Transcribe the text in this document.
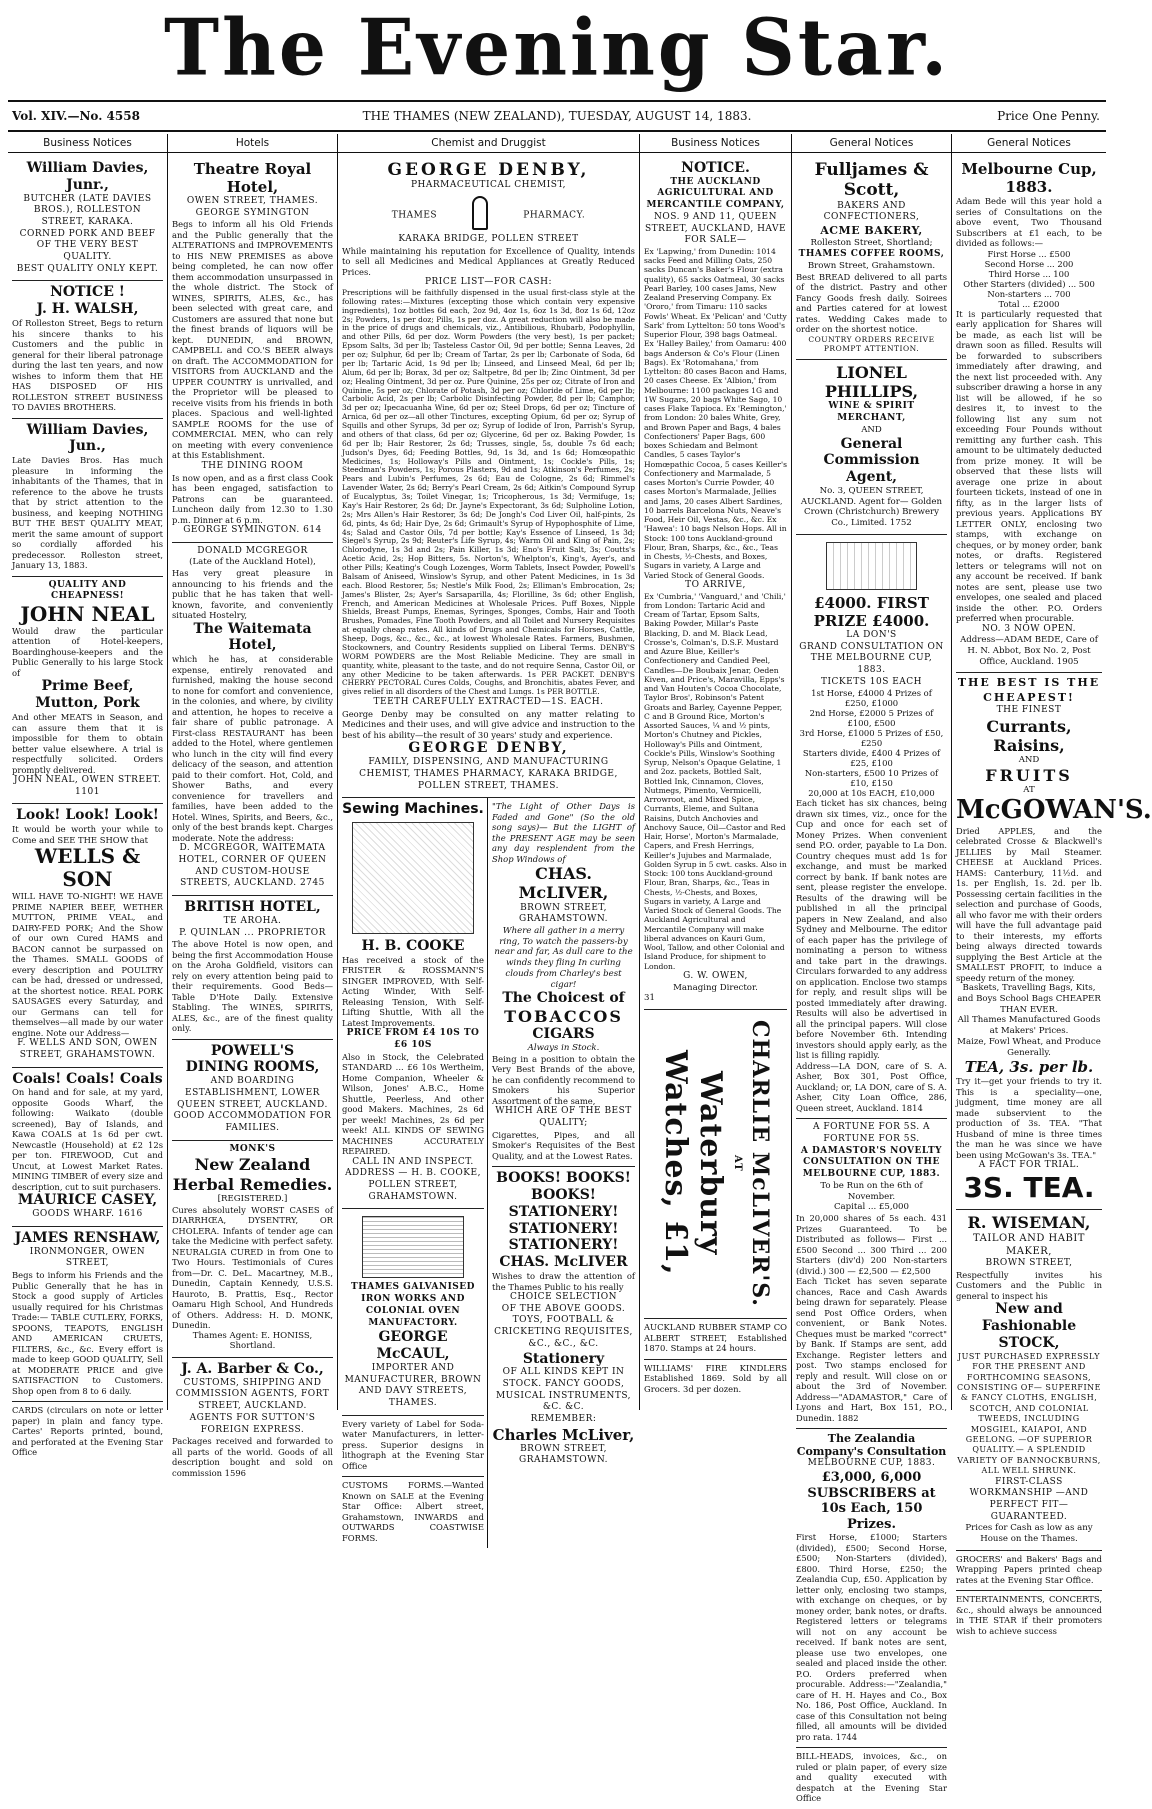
The Evening Star.
Vol. XIV.—No. 4558	THE THAMES (NEW ZEALAND), TUESDAY, AUGUST 14, 1883.	Price One Penny.
Business Notices
William Davies, Junr.,
BUTCHER (LATE DAVIES BROS.), ROLLESTON STREET, KARAKA.
CORNED PORK AND BEEF OF THE VERY BEST QUALITY.
BEST QUALITY ONLY KEPT.
NOTICE !
J. H. WALSH,
Of Rolleston Street, Begs to return his sincere thanks to his Customers and the public in general for their liberal patronage during the last ten years, and now wishes to inform them that HE HAS DISPOSED OF HIS ROLLESTON STREET BUSINESS TO DAVIES BROTHERS.
William Davies, Jun.,
Late Davies Bros. Has much pleasure in informing the inhabitants of the Thames, that in reference to the above he trusts that by strict attention to the business, and keeping NOTHING BUT THE BEST QUALITY MEAT, merit the same amount of support so cordially afforded his predecessor. Rolleston street, January 13, 1883.
QUALITY AND CHEAPNESS!
JOHN NEAL
Would draw the particular attention of Hotel-keepers, Boardinghouse-keepers and the Public Generally to his large Stock of
Prime Beef, Mutton, Pork
And other MEATS in Season, and can assure them that it is impossible for them to obtain better value elsewhere. A trial is respectfully solicited. Orders promptly delivered.
JOHN NEAL, OWEN STREET. 1101
Look! Look! Look!
It would be worth your while to Come and SEE THE SHOW that
WELLS & SON
WILL HAVE TO-NIGHT! WE HAVE PRIME NAPIER BEEF, WETHER MUTTON, PRIME VEAL, and DAIRY-FED PORK; And the Show of our own Cured HAMS and BACON cannot be surpassed on the Thames. SMALL GOODS of every description and POULTRY can be had, dressed or undressed, at the shortest notice. REAL PORK SAUSAGES every Saturday, and our Germans can tell for themselves—all made by our water engine. Note our Address—
F. WELLS AND SON, OWEN STREET, GRAHAMSTOWN.
Coals! Coals! Coals
On hand and for sale, at my yard, opposite Goods Wharf, the following: Waikato (double screened), Bay of Islands, and Kawa COALS at 1s 6d per cwt. Newcastle (Household) at £2 12s per ton. FIREWOOD, Cut and Uncut, at Lowest Market Rates. MINING TIMBER of every size and description, cut to suit purchasers.
MAURICE CASEY,
GOODS WHARF. 1616
JAMES RENSHAW,
IRONMONGER, OWEN STREET,
Begs to inform his Friends and the Public Generally that he has in Stock a good supply of Articles usually required for his Christmas Trade:— TABLE CUTLERY, FORKS, SPOONS, TEAPOTS, ENGLISH AND AMERICAN CRUETS, FILTERS, &c., &c. Every effort is made to keep GOOD QUALITY, Sell at MODERATE PRICE and give SATISFACTION to Customers. Shop open from 8 to 6 daily.
CARDS (circulars on note or letter paper) in plain and fancy type. Cartes' Reports printed, bound, and perforated at the Evening Star Office
Hotels
Theatre Royal Hotel,
OWEN STREET, THAMES.
GEORGE SYMINGTON
Begs to inform all his Old Friends and the Public generally that the ALTERATIONS and IMPROVEMENTS to HIS NEW PREMISES as above being completed, he can now offer them accommodation unsurpassed in the whole district. The Stock of WINES, SPIRITS, ALES, &c., has been selected with great care, and Customers are assured that none but the finest brands of liquors will be kept. DUNEDIN, and BROWN, CAMPBELL and CO.'S BEER always on draft. The ACCOMMODATION for VISITORS from AUCKLAND and the UPPER COUNTRY is unrivalled, and the Proprietor will be pleased to receive visits from his friends in both places. Spacious and well-lighted SAMPLE ROOMS for the use of COMMERCIAL MEN, who can rely on meeting with every convenience at this Establishment.
THE DINING ROOM
Is now open, and as a first class Cook has been engaged, satisfaction to Patrons can be guaranteed. Luncheon daily from 12.30 to 1.30 p.m. Dinner at 6 p.m.
GEORGE SYMINGTON. 614
DONALD MCGREGOR
(Late of the Auckland Hotel),
Has very great pleasure in announcing to his friends and the public that he has taken that well-known, favorite, and conveniently situated Hostelry,
The Waitemata Hotel,
which he has, at considerable expense, entirely renovated and furnished, making the house second to none for comfort and convenience, in the colonies, and where, by civility and attention, he hopes to receive a fair share of public patronage. A First-class RESTAURANT has been added to the Hotel, where gentlemen who lunch in the city will find every delicacy of the season, and attention paid to their comfort. Hot, Cold, and Shower Baths, and every convenience for travellers and families, have been added to the Hotel. Wines, Spirits, and Beers, &c., only of the best brands kept. Charges moderate. Note the address:
D. MCGREGOR, WAITEMATA HOTEL, CORNER OF QUEEN AND CUSTOM-HOUSE STREETS, AUCKLAND. 2745
BRITISH HOTEL,
TE AROHA.
P. QUINLAN ... PROPRIETOR
The above Hotel is now open, and being the first Accommodation House on the Aroha Goldfield, visitors can rely on every attention being paid to their requirements. Good Beds—Table D'Hote Daily. Extensive Stabling. The WINES, SPIRITS, ALES, &c., are of the finest quality only.
POWELL'S
DINING ROOMS,
AND BOARDING ESTABLISHMENT, LOWER QUEEN STREET, AUCKLAND. GOOD ACCOMMODATION FOR FAMILIES.
MONK'S
New Zealand Herbal Remedies.
[REGISTERED.]
Cures absolutely WORST CASES of DIARRHŒA, DYSENTRY, OR CHOLERA. Infants of tender age can take the Medicine with perfect safety. NEURALGIA CURED in from One to Two Hours. Testimonials of Cures from—Dr. C. DeL. Macartney, M.B., Dunedin, Captain Kennedy, U.S.S. Hauroto, B. Prattis, Esq., Rector Oamaru High School, And Hundreds of Others. Address: H. D. MONK, Dunedin.
Thames Agent: E. HONISS, Shortland.
J. A. Barber & Co.,
CUSTOMS, SHIPPING AND COMMISSION AGENTS, FORT STREET, AUCKLAND.
AGENTS FOR SUTTON'S FOREIGN EXPRESS.
Packages received and forwarded to all parts of the world. Goods of all description bought and sold on commission 1596
Chemist and Druggist
GEORGE DENBY,
PHARMACEUTICAL CHEMIST,
THAMES	PHARMACY.
KARAKA BRIDGE, POLLEN STREET
While maintaining his reputation for Excellence of Quality, intends to sell all Medicines and Medical Appliances at Greatly Reduced Prices.
PRICE LIST—FOR CASH:
Prescriptions will be faithfully dispensed in the usual first-class style at the following rates:—Mixtures (excepting those which contain very expensive ingredients), 1oz bottles 6d each, 2oz 9d, 4oz 1s, 6oz 1s 3d, 8oz 1s 6d, 12oz 2s; Powders, 1s per doz; Pills, 1s per doz. A great reduction will also be made in the price of drugs and chemicals, viz., Antibilious, Rhubarb, Podophyllin, and other Pills, 6d per doz. Worm Powders (the very best), 1s per packet; Epsom Salts, 3d per lb; Tasteless Castor Oil, 9d per bottle; Senna Leaves, 2d per oz; Sulphur, 6d per lb; Cream of Tartar, 2s per lb; Carbonate of Soda, 6d per lb; Tartaric Acid, 1s 9d per lb; Linseed, and Linseed Meal, 6d per lb; Alum, 6d per lb; Borax, 3d per oz; Saltpetre, 8d per lb; Zinc Ointment, 3d per oz; Healing Ointment, 3d per oz. Pure Quinine, 25s per oz; Citrate of Iron and Quinine, 5s per oz; Chlorate of Potash, 3d per oz; Chloride of Lime, 6d per lb; Carbolic Acid, 2s per lb; Carbolic Disinfecting Powder, 8d per lb; Camphor, 3d per oz; Ipecacuanha Wine, 6d per oz; Steel Drops, 6d per oz; Tincture of Arnica, 6d per oz—all other Tinctures, excepting Opium, 6d per oz; Syrup of Squills and other Syrups, 3d per oz; Syrup of Iodide of Iron, Parrish's Syrup, and others of that class, 6d per oz; Glycerine, 6d per oz. Baking Powder, 1s 6d per lb; Hair Restorer, 2s 6d; Trusses, single, 5s, double 7s 6d each; Judson's Dyes, 6d; Feeding Bottles, 9d, 1s 3d, and 1s 6d; Homœopathic Medicines, 1s; Holloway's Pills and Ointment, 1s; Cockle's Pills, 1s; Steedman's Powders, 1s; Porous Plasters, 9d and 1s; Atkinson's Perfumes, 2s; Pears and Lubin's Perfumes, 2s 6d; Eau de Cologne, 2s 6d; Rimmel's Lavender Water, 2s 6d; Berry's Pearl Cream, 2s 6d; Aitkin's Compound Syrup of Eucalyptus, 3s; Toilet Vinegar, 1s; Tricopherous, 1s 3d; Vermifuge, 1s; Kay's Hair Restorer, 2s 6d; Dr. Jayne's Expectorant, 3s 6d; Sulpholine Lotion, 2s; Mrs Allen's Hair Restorer, 3s 6d; De Jongh's Cod Liver Oil, half-pints, 2s 6d, pints, 4s 6d; Hair Dye, 2s 6d; Grimault's Syrup of Hypophosphite of Lime, 4s; Salad and Castor Oils, 7d per bottle; Kay's Essence of Linseed, 1s 3d; Siegel's Syrup, 2s 9d; Reuter's Life Syrup, 4s; Warm Oil and King of Pain, 2s; Chlorodyne, 1s 3d and 2s; Pain Killer, 1s 3d; Eno's Fruit Salt, 3s; Coutts's Acetic Acid, 2s; Hop Bitters, 5s. Norton's, Whelpton's, King's, Ayer's, and other Pills; Keating's Cough Lozenges, Worm Tablets, Insect Powder, Powell's Balsam of Aniseed, Winslow's Syrup, and other Patent Medicines, in 1s 3d each. Blood Restorer, 5s; Nestle's Milk Food, 2s; Elliman's Embrocation, 2s; James's Blister, 2s; Ayer's Sarsaparilla, 4s; Florilline, 3s 6d; other English, French, and American Medicines at Wholesale Prices. Puff Boxes, Nipple Shields, Breast Pumps, Enemas, Syringes, Sponges, Combs, Hair and Tooth Brushes, Pomades, Fine Tooth Powders, and all Toilet and Nursery Requisites at equally cheap rates. All kinds of Drugs and Chemicals for Horses, Cattle, Sheep, Dogs, &c., &c., &c., at lowest Wholesale Rates. Farmers, Bushmen, Stockowners, and Country Residents supplied on Liberal Terms. DENBY'S WORM POWDERS are the Most Reliable Medicine. They are small in quantity, white, pleasant to the taste, and do not require Senna, Castor Oil, or any other Medicine to be taken afterwards. 1s PER PACKET. DENBY'S CHERRY PECTORAL Cures Colds, Coughs, and Bronchitis, abates Fever, and gives relief in all disorders of the Chest and Lungs. 1s PER BOTTLE.
TEETH CAREFULLY EXTRACTED—1S. EACH.
George Denby may be consulted on any matter relating to Medicines and their uses, and will give advice and instruction to the best of his ability—the result of 30 years' study and experience.
GEORGE DENBY,
FAMILY, DISPENSING, AND MANUFACTURING CHEMIST, THAMES PHARMACY, KARAKA BRIDGE, POLLEN STREET, THAMES.
Sewing Machines.
H. B. COOKE
Has received a stock of the FRISTER & ROSSMANN'S SINGER IMPROVED, With Self-Acting Winder, With Self-Releasing Tension, With Self-Lifting Shuttle, With all the Latest Improvements.
PRICE FROM £4 10S TO £6 10S
Also in Stock, the Celebrated STANDARD ... £6 10s Wertheim, Home Companion, Wheeler & Wilson, Jones' A.B.C., Home Shuttle, Peerless, And other good Makers. Machines, 2s 6d per week! Machines, 2s 6d per week! ALL KINDS OF SEWING MACHINES ACCURATELY REPAIRED.
CALL IN AND INSPECT.
ADDRESS — H. B. COOKE, POLLEN STREET, GRAHAMSTOWN.
THAMES GALVANISED IRON WORKS AND COLONIAL OVEN MANUFACTORY.
GEORGE McCAUL,
IMPORTER AND MANUFACTURER, BROWN AND DAVY STREETS, THAMES.
Every variety of Label for Soda-water Manufacturers, in letter-press. Superior designs in lithograph at the Evening Star Office
CUSTOMS FORMS.—Wanted Known on SALE at the Evening Star Office: Albert street, Grahamstown, INWARDS and OUTWARDS COASTWISE FORMS.
"The Light of Other Days is Faded and Gone" (So the old song says)— But the LIGHT of the PRESENT AGE may be seen any day resplendent from the Shop Windows of
CHAS. McLIVER,
BROWN STREET, GRAHAMSTOWN.
Where all gather in a merry ring, To watch the passers-by near and far, As dull care to the winds they fling In curling clouds from Charley's best cigar!
The Choicest of
TOBACCOS
CIGARS
Always in Stock.
Being in a position to obtain the Very Best Brands of the above, he can confidently recommend to Smokers his Superior Assortment of the same,
WHICH ARE OF THE BEST QUALITY;
Cigarettes, Pipes, and all Smoker's Requisites of the Best Quality, and at the Lowest Rates.
BOOKS! BOOKS! BOOKS!
STATIONERY! STATIONERY! STATIONERY!
CHAS. McLIVER
Wishes to draw the attention of the Thames Public to his really
CHOICE SELECTION
OF THE ABOVE GOODS.
TOYS, FOOTBALL & CRICKETING REQUISITES, &C., &C., &C.
Stationery
OF ALL KINDS KEPT IN STOCK. FANCY GOODS, MUSICAL INSTRUMENTS, &C. &C.
REMEMBER:
Charles McLiver,
BROWN STREET, GRAHAMSTOWN.
Business Notices
NOTICE.
THE AUCKLAND AGRICULTURAL AND MERCANTILE COMPANY,
NOS. 9 AND 11, QUEEN STREET, AUCKLAND, HAVE FOR SALE—
Ex 'Lapwing,' from Dunedin: 1014 sacks Feed and Milling Oats, 250 sacks Duncan's Baker's Flour (extra quality), 65 sacks Oatmeal, 30 sacks Pearl Barley, 100 cases Jams, New Zealand Preserving Company. Ex 'Ororo,' from Timaru: 110 sacks Fowls' Wheat. Ex 'Pelican' and 'Cutty Sark' from Lyttelton: 50 tons Wood's Superior Flour, 398 bags Oatmeal. Ex 'Halley Bailey,' from Oamaru: 400 bags Anderson & Co's Flour (Linen Bags). Ex 'Rotomahana,' from Lyttelton: 80 cases Bacon and Hams, 20 cases Cheese. Ex 'Albion,' from Melbourne: 1100 packages 1G and 1W Sugars, 20 bags White Sago, 10 cases Flake Tapioca. Ex 'Remington,' from London: 20 bales White, Grey, and Brown Paper and Bags, 4 bales Confectioners' Paper Bags, 600 boxes Schiedam and Belmont Candles, 5 cases Taylor's Homœpathic Cocoa, 5 cases Keiller's Confectionery and Marmalade, 5 cases Morton's Currie Powder, 40 cases Morton's Marmalade, Jellies and Jams, 20 cases Albert Sardines, 10 barrels Barcelona Nuts, Neave's Food, Heir Oil, Vestas, &c., &c. Ex 'Hawea': 10 bags Nelson Hops. All in Stock: 100 tons Auckland-ground Flour, Bran, Sharps, &c., &c., Teas in Chests, ½-Chests, and Boxes, Sugars in variety, A Large and Varied Stock of General Goods.
TO ARRIVE,
Ex 'Cumbria,' 'Vanguard,' and 'Chili,' from London: Tartaric Acid and Cream of Tartar, Epsom Salts, Baking Powder, Millar's Paste Blacking, D. and M. Black Lead, Crosse's, Colman's, D.S.F. Mustard and Azure Blue, Keiller's Confectionery and Candied Peel, Candles—De Boubaix Jenar, Oeden Kiven, and Price's, Maravilla, Epps's and Van Houten's Cocoa Chocolate, Taylor Bros', Robinson's Patent Groats and Barley, Cayenne Pepper, C and B Ground Rice, Morton's Assorted Sauces, ¼ and ½ pints, Morton's Chutney and Pickles, Holloway's Pills and Ointment, Cockle's Pills, Winslow's Soothing Syrup, Nelson's Opaque Gelatine, 1 and 2oz. packets, Bottled Salt, Bottled Ink, Cinnamon, Cloves, Nutmegs, Pimento, Vermicelli, Arrowroot, and Mixed Spice, Currants, Eleme, and Sultana Raisins, Dutch Anchovies and Anchovy Sauce, Oil—Castor and Red Hair, Horse', Morton's Marmalade, Capers, and Fresh Herrings, Keiller's Jujubes and Marmalade, Golden Syrup in 5 cwt. casks. Also in Stock: 100 tons Auckland-ground Flour, Bran, Sharps, &c., Teas in Chests, ½-Chests, and Boxes, Sugars in variety, A Large and Varied Stock of General Goods. The Auckland Agricultural and Mercantile Company will make liberal advances on Kauri Gum, Wool, Tallow, and other Colonial and Island Produce, for shipment to London.
G. W. OWEN,
Managing Director.
31
Waterbury Watches, £1,	AT CHARLIE McLIVER'S.
AUCKLAND RUBBER STAMP CO ALBERT STREET, Established 1870. Stamps at 24 hours.
WILLIAMS' FIRE KINDLERS Established 1869. Sold by all Grocers. 3d per dozen.
General Notices
Fulljames & Scott,
BAKERS AND CONFECTIONERS,
ACME BAKERY,
Rolleston Street, Shortland;
THAMES COFFEE ROOMS,
Brown Street, Grahamstown.
Best BREAD delivered to all parts of the district. Pastry and other Fancy Goods fresh daily. Soirees and Parties catered for at lowest rates. Wedding Cakes made to order on the shortest notice.
COUNTRY ORDERS RECEIVE PROMPT ATTENTION.
LIONEL PHILLIPS,
WINE & SPIRIT MERCHANT,
AND
General Commission Agent,
No. 3, QUEEN STREET, AUCKLAND. Agent for— Golden Crown (Christchurch) Brewery Co., Limited. 1752
£4000. FIRST PRIZE £4000.
LA DON'S
GRAND CONSULTATION ON THE MELBOURNE CUP, 1883.
TICKETS 10S EACH
1st Horse, £4000 4 Prizes of £250, £1000
2nd Horse, £2000 5 Prizes of £100, £500
3rd Horse, £1000 5 Prizes of £50, £250
Starters divide, £400 4 Prizes of £25, £100
Non-starters, £500 10 Prizes of £10, £150
20,000 at 10s EACH, £10,000
Each ticket has six chances, being drawn six times, viz., once for the Cup and once for each set of Money Prizes. When convenient send P.O. order, payable to La Don. Country cheques must add 1s for exchange, and must be marked correct by bank. If bank notes are sent, please register the envelope. Results of the drawing will be published in all the principal papers in New Zealand, and also Sydney and Melbourne. The editor of each paper has the privilege of nominating a person to witness and take part in the drawings. Circulars forwarded to any address on application. Enclose two stamps for reply, and result slips will be posted immediately after drawing. Results will also be advertised in all the principal papers. Will close before November 6th. Intending investors should apply early, as the list is filling rapidly.
Address—LA DON, care of S. A. Asher, Box 301, Post Office, Auckland; or, LA DON, care of S. A. Asher, City Loan Office, 286, Queen street, Auckland. 1814
A FORTUNE FOR 5S. A FORTUNE FOR 5S.
A DAMASTOR'S NOVELTY CONSULTATION ON THE MELBOURNE CUP, 1883.
To be Run on the 6th of November.
Capital ... £5,000
In 20,000 shares of 5s each. 431 Prizes Guaranteed. To be Distributed as follows— First ... £500 Second ... 300 Third ... 200 Starters (div'd) 200 Non-starters (divid.) 300 — £2,500 — £2,500
Each Ticket has seven separate chances, Race and Cash Awards being drawn for separately. Please send Post Office Orders, when convenient, or Bank Notes. Cheques must be marked "correct" by Bank. If Stamps are sent, add Exchange. Register letters and post. Two stamps enclosed for reply and result. Will close on or about the 3rd of November. Address—"ADAMASTOR," Care of Lyons and Hart, Box 151, P.O., Dunedin. 1882
The Zealandia Company's Consultation
MELBOURNE CUP, 1883.
£3,000, 6,000 SUBSCRIBERS at 10s Each, 150 Prizes.
First Horse, £1000; Starters (divided), £500; Second Horse, £500; Non-Starters (divided), £800. Third Horse, £250; the Zealandia Cup, £50. Application by letter only, enclosing two stamps, with exchange on cheques, or by money order, bank notes, or drafts. Registered letters or telegrams will not on any account be received. If bank notes are sent, please use two envelopes, one sealed and placed inside the other. P.O. Orders preferred when procurable. Address:—"Zealandia," care of H. H. Hayes and Co., Box No. 186, Post Office, Auckland. In case of this Consultation not being filled, all amounts will be divided pro rata. 1744
BILL-HEADS, invoices, &c., on ruled or plain paper, of every size and quality executed with despatch at the Evening Star Office
General Notices
Melbourne Cup, 1883.
Adam Bede will this year hold a series of Consultations on the above event, Two Thousand Subscribers at £1 each, to be divided as follows:—
First Horse ... £500
Second Horse ... 200
Third Horse ... 100
Other Starters (divided) ... 500
Non-starters ... 700
Total ... £2000
It is particularly requested that early application for Shares will be made, as each list will be drawn soon as filled. Results will be forwarded to subscribers immediately after drawing, and the next list proceeded with. Any subscriber drawing a horse in any list will be allowed, if he so desires it, to invest to the following list any sum not exceeding Four Pounds without remitting any further cash. This amount to be ultimately deducted from prize money. It will be observed that these lists will average one prize in about fourteen tickets, instead of one in fifty, as in the larger lists of previous years. Applications BY LETTER ONLY, enclosing two stamps, with exchange on cheques, or by money order, bank notes, or drafts. Registered letters or telegrams will not on any account be received. If bank notes are sent, please use two envelopes, one sealed and placed inside the other. P.O. Orders preferred when procurable.
NO. 3 NOW OPEN.
Address—ADAM BEDE, Care of H. N. Abbot, Box No. 2, Post Office, Auckland. 1905
THE BEST IS THE CHEAPEST!
THE FINEST
Currants, Raisins,
AND
FRUITS
AT
McGOWAN'S.
Dried APPLES, and the celebrated Crosse & Blackwell's JELLIES by Mail Steamer. CHEESE at Auckland Prices. HAMS: Canterbury, 11½d. and 1s. per English, 1s. 2d. per lb. Possessing certain facilities in the selection and purchase of Goods, all who favor me with their orders will have the full advantage paid to their interests, my efforts being always directed towards supplying the Best Article at the SMALLEST PROFIT, to induce a speedy return of the money.
Baskets, Travelling Bags, Kits, and Boys School Bags CHEAPER THAN EVER.
All Thames Manufactured Goods at Makers' Prices.
Maize, Fowl Wheat, and Produce Generally.
TEA, 3s. per lb.
Try it—get your friends to try it. This is a speciality—one, judgment, time money are all made subservient to the production of 3s. TEA. "That Husband of mine is three times the man he was since we have been using McGowan's 3s. TEA."
A FACT FOR TRIAL.
3S. TEA.
R. WISEMAN,
TAILOR AND HABIT MAKER,
BROWN STREET,
Respectfully invites his Customers and the Public in general to inspect his
New and Fashionable STOCK,
JUST PURCHASED EXPRESSLY FOR THE PRESENT AND FORTHCOMING SEASONS, CONSISTING OF— SUPERFINE & FANCY CLOTHS, ENGLISH, SCOTCH, AND COLONIAL TWEEDS, INCLUDING MOSGIEL, KAIAPOI, AND GEELONG. —OF SUPERIOR QUALITY.— A SPLENDID VARIETY OF BANNOCKBURNS, ALL WELL SHRUNK.
FIRST-CLASS WORKMANSHIP —AND PERFECT FIT— GUARANTEED.
Prices for Cash as low as any House on the Thames.
GROCERS' and Bakers' Bags and Wrapping Papers printed cheap rates at the Evening Star Office.
ENTERTAINMENTS, CONCERTS, &c., should always be announced in THE STAR if their promoters wish to achieve success
